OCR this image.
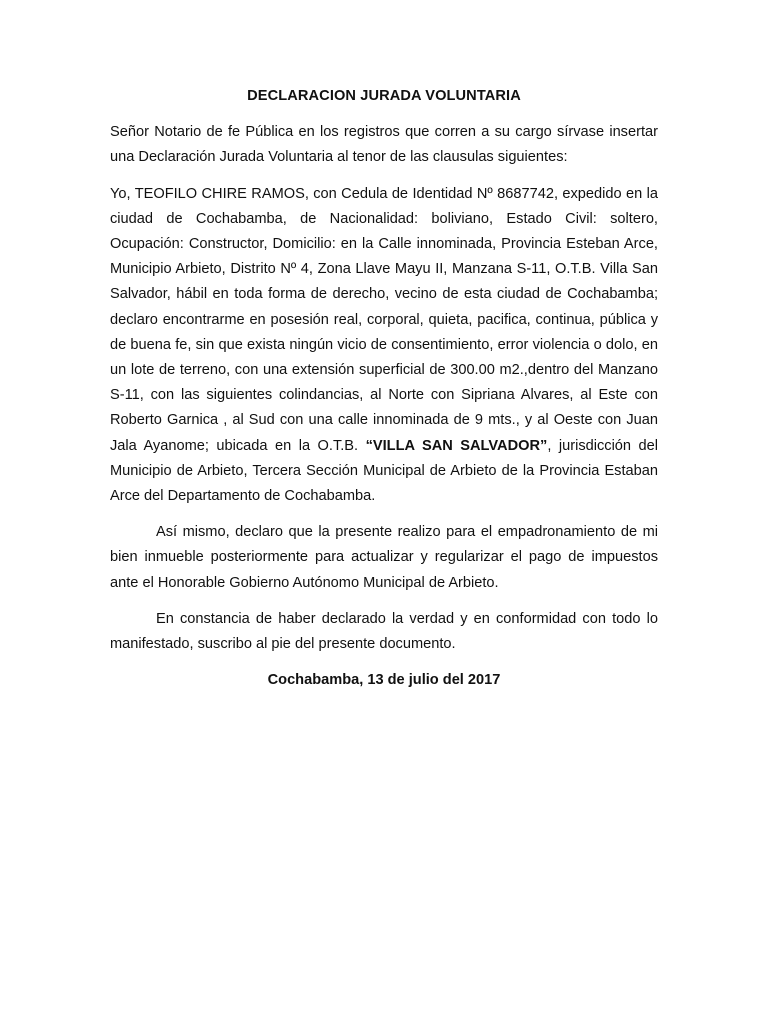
DECLARACION JURADA VOLUNTARIA

Señor Notario de fe Pública en los registros que corren a su cargo sírvase insertar una Declaración Jurada Voluntaria al tenor de las clausulas siguientes:

Yo, TEOFILO CHIRE RAMOS, con Cedula de Identidad Nº 8687742, expedido en la ciudad de Cochabamba, de Nacionalidad: boliviano, Estado Civil: soltero, Ocupación: Constructor, Domicilio: en la Calle innominada, Provincia Esteban Arce, Municipio Arbieto, Distrito Nº 4, Zona Llave Mayu II, Manzana S-11, O.T.B. Villa San Salvador, hábil en toda forma de derecho, vecino de esta ciudad de Cochabamba; declaro encontrarme en posesión real, corporal, quieta, pacifica, continua, pública y de buena fe, sin que exista ningún vicio de consentimiento, error violencia o dolo, en un lote de terreno, con una extensión superficial de 300.00 m2.,dentro del Manzano S-11, con las siguientes colindancias, al Norte con Sipriana Alvares, al Este con Roberto Garnica , al Sud con una calle innominada de 9 mts., y al Oeste con Juan Jala Ayanome; ubicada en la O.T.B. “VILLA SAN SALVADOR”, jurisdicción del Municipio de Arbieto, Tercera Sección Municipal de Arbieto de la Provincia Estaban Arce del Departamento de Cochabamba.

Así mismo, declaro que la presente realizo para el empadronamiento de mi bien inmueble posteriormente para actualizar y regularizar el pago de impuestos ante el Honorable Gobierno Autónomo Municipal de Arbieto.

En constancia de haber declarado la verdad y en conformidad con todo lo manifestado, suscribo al pie del presente documento.

Cochabamba, 13 de julio del 2017
